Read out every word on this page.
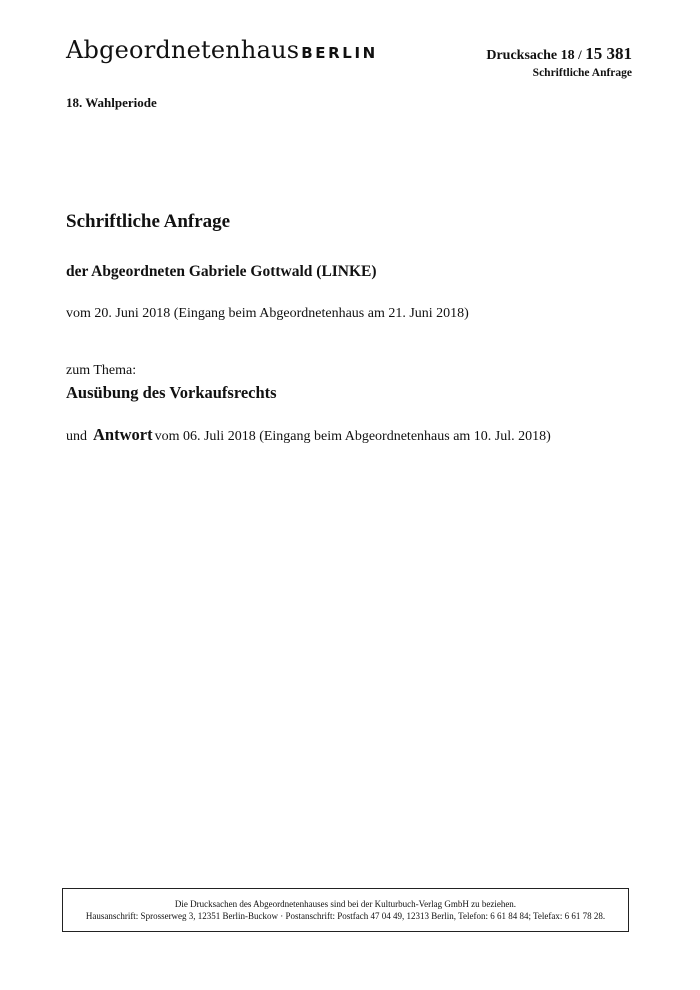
Abgeordnetenhaus BERLIN	Drucksache 18 / 15 381
Schriftliche Anfrage
18. Wahlperiode
Schriftliche Anfrage
der Abgeordneten Gabriele Gottwald (LINKE)
vom 20. Juni 2018 (Eingang beim Abgeordnetenhaus am 21. Juni 2018)
zum Thema:
Ausübung des Vorkaufsrechts
und Antwort vom 06. Juli 2018 (Eingang beim Abgeordnetenhaus am 10. Jul. 2018)
Die Drucksachen des Abgeordnetenhauses sind bei der Kulturbuch-Verlag GmbH zu beziehen.
Hausanschrift: Sprosserweg 3, 12351 Berlin-Buckow · Postanschrift: Postfach 47 04 49, 12313 Berlin, Telefon: 6 61 84 84; Telefax: 6 61 78 28.
